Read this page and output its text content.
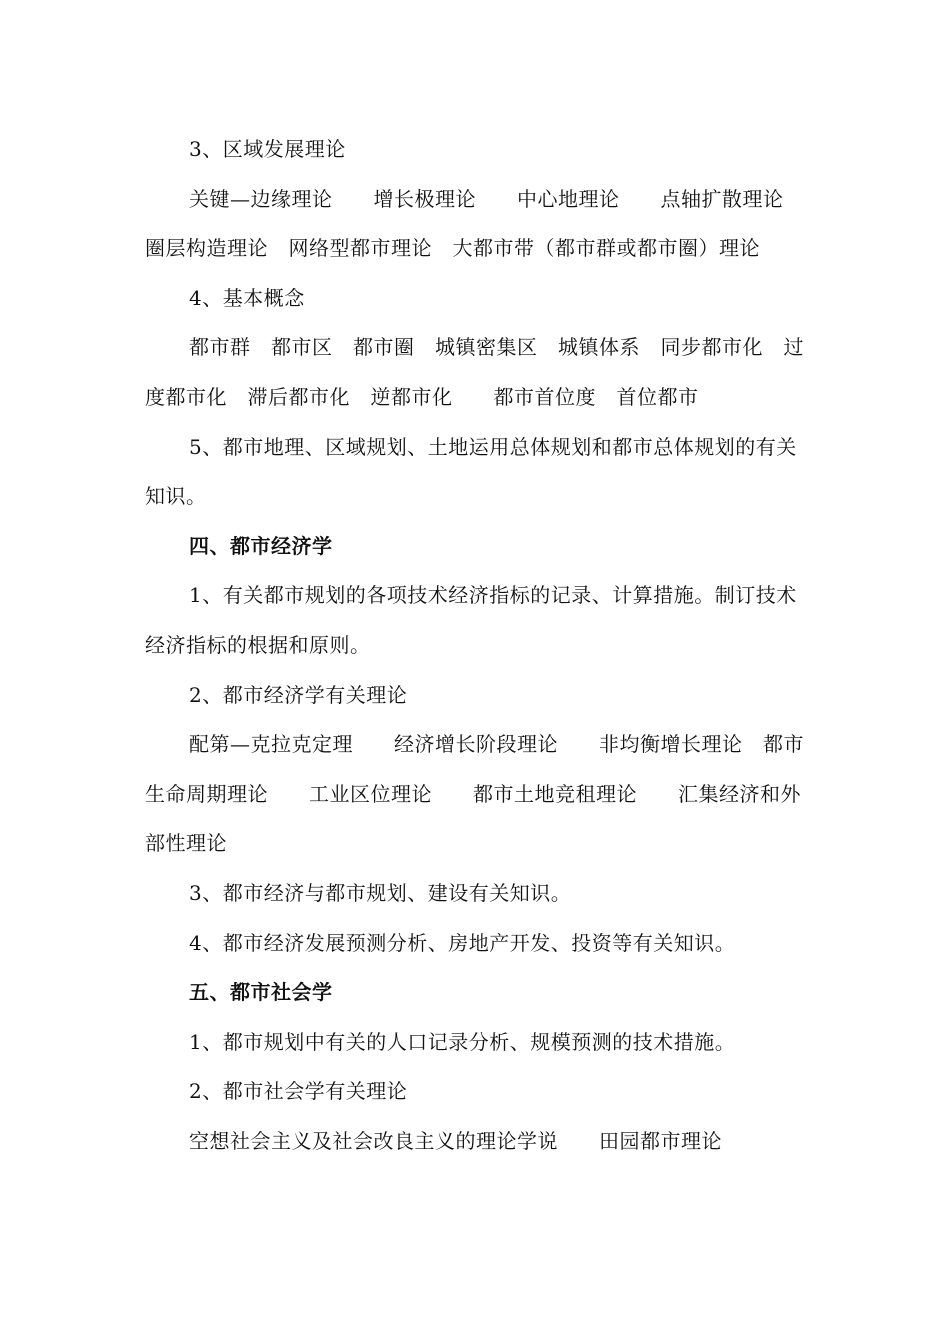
3、区域发展理论

关键—边缘理论　　增长极理论　　中心地理论　　点轴扩散理论　圈层构造理论　网络型都市理论　大都市带（都市群或都市圈）理论

4、基本概念

都市群　都市区　都市圈　城镇密集区　城镇体系　同步都市化　过度都市化　滞后都市化　逆都市化　　都市首位度　首位都市

5、都市地理、区域规划、土地运用总体规划和都市总体规划的有关知识。

四、都市经济学

1、有关都市规划的各项技术经济指标的记录、计算措施。制订技术经济指标的根据和原则。

2、都市经济学有关理论

配第—克拉克定理　　经济增长阶段理论　　非均衡增长理论　都市生命周期理论　　工业区位理论　　都市土地竞租理论　　汇集经济和外部性理论

3、都市经济与都市规划、建设有关知识。

4、都市经济发展预测分析、房地产开发、投资等有关知识。

五、都市社会学

1、都市规划中有关的人口记录分析、规模预测的技术措施。

2、都市社会学有关理论

空想社会主义及社会改良主义的理论学说　　田园都市理论
